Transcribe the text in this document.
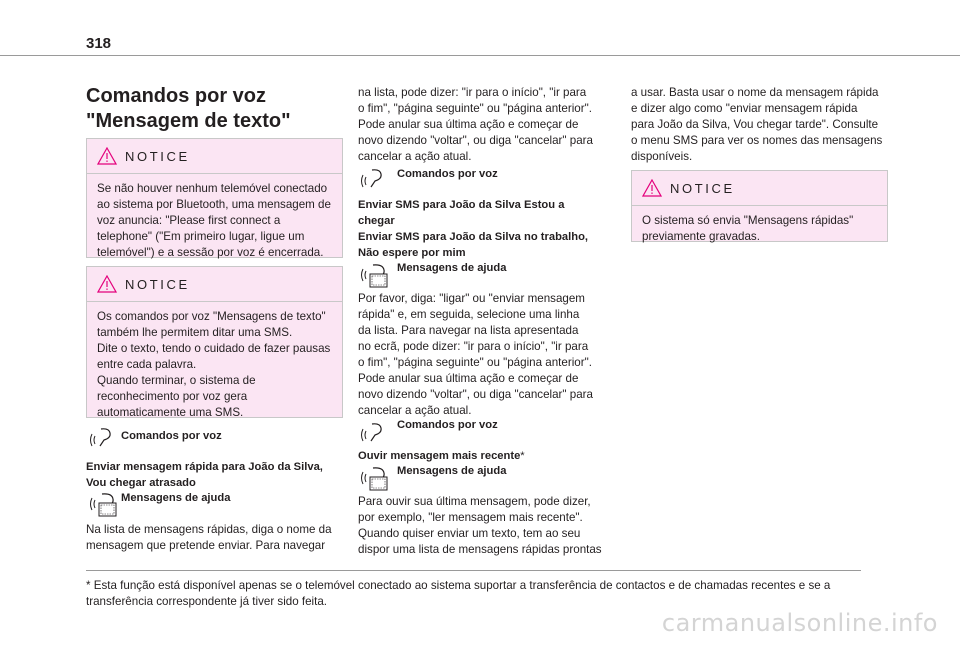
318
Comandos por voz
"Mensagem de texto"
NOTICE
Se não houver nenhum telemóvel conectado
ao sistema por Bluetooth, uma mensagem de
voz anuncia: "Please first connect a
telephone" ("Em primeiro lugar, ligue um
telemóvel") e a sessão por voz é encerrada.
NOTICE
Os comandos por voz "Mensagens de texto"
também lhe permitem ditar uma SMS.
Dite o texto, tendo o cuidado de fazer pausas
entre cada palavra.
Quando terminar, o sistema de
reconhecimento por voz gera
automaticamente uma SMS.
Comandos por voz
Enviar mensagem rápida para João da Silva,
Vou chegar atrasado
Mensagens de ajuda
Na lista de mensagens rápidas, diga o nome da
mensagem que pretende enviar. Para navegar
na lista, pode dizer: "ir para o início", "ir para
o fim", "página seguinte" ou "página anterior".
Pode anular sua última ação e começar de
novo dizendo "voltar", ou diga "cancelar" para
cancelar a ação atual.
Comandos por voz
Enviar SMS para João da Silva Estou a
chegar
Enviar SMS para João da Silva no trabalho,
Não espere por mim
Mensagens de ajuda
Por favor, diga: "ligar" ou "enviar mensagem
rápida" e, em seguida, selecione uma linha
da lista. Para navegar na lista apresentada
no ecrã, pode dizer: "ir para o início", "ir para
o fim", "página seguinte" ou "página anterior".
Pode anular sua última ação e começar de
novo dizendo "voltar", ou diga "cancelar" para
cancelar a ação atual.
Comandos por voz
Ouvir mensagem mais recente*
Mensagens de ajuda
Para ouvir sua última mensagem, pode dizer,
por exemplo, "ler mensagem mais recente".
Quando quiser enviar um texto, tem ao seu
dispor uma lista de mensagens rápidas prontas
a usar. Basta usar o nome da mensagem rápida
e dizer algo como "enviar mensagem rápida
para João da Silva, Vou chegar tarde". Consulte
o menu SMS para ver os nomes das mensagens
disponíveis.
NOTICE
O sistema só envia "Mensagens rápidas"
previamente gravadas.
* Esta função está disponível apenas se o telemóvel conectado ao sistema suportar a transferência de contactos e de chamadas recentes e se a transferência correspondente já tiver sido feita.
carmanualsonline.info
